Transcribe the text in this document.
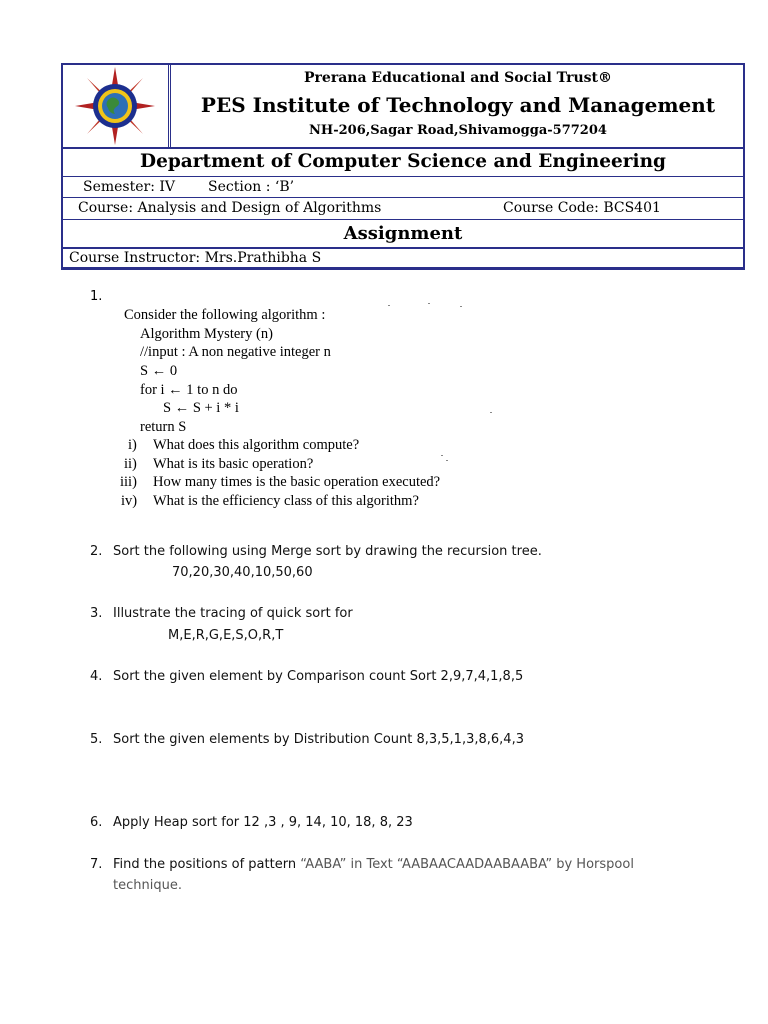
Prerana Educational and Social Trust®
PES Institute of Technology and Management
NH-206,Sagar Road,Shivamogga-577204
Department of Computer Science and Engineering
Semester: IV Section : ‘B’
Course: Analysis and Design of Algorithms	Course Code: BCS401
Assignment
Course Instructor: Mrs.Prathibha S
1.
Consider the following algorithm :
Algorithm Mystery (n)
//input : A non negative integer n
S ← 0
for i ← 1 to n do
S ← S + i * i
return S
i) What does this algorithm compute?
ii) What is its basic operation?
iii) How many times is the basic operation executed?
iv) What is the efficiency class of this algorithm?
2. Sort the following using Merge sort by drawing the recursion tree.
70,20,30,40,10,50,60
3. Illustrate the tracing of quick sort for
M,E,R,G,E,S,O,R,T
4. Sort the given element by Comparison count Sort 2,9,7,4,1,8,5
5. Sort the given elements by Distribution Count 8,3,5,1,3,8,6,4,3
6. Apply Heap sort for 12 ,3 , 9, 14, 10, 18, 8, 23
7. Find the positions of pattern “AABA” in Text “AABAACAADAABAABA” by Horspool
technique.
